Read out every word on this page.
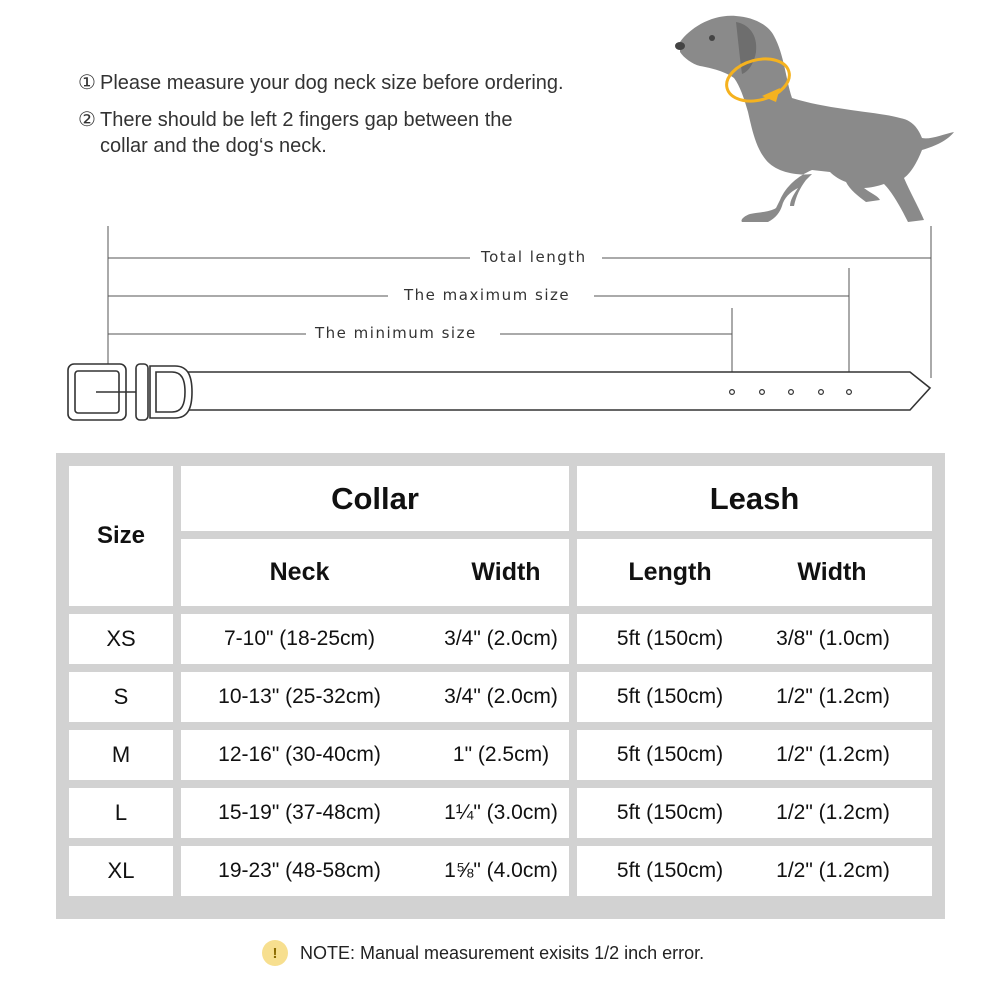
① Please measure your dog neck size before ordering.
② There should be left 2 fingers gap between the
collar and the dog‘s neck.
Total length
The maximum size
The minimum size
Size
Collar	Leash
Neck	Width	Length	Width
XS	7-10" (18-25cm)	3/4" (2.0cm)	5ft (150cm)	3/8" (1.0cm)
S	10-13" (25-32cm)	3/4" (2.0cm)	5ft (150cm)	1/2" (1.2cm)
M	12-16" (30-40cm)	1" (2.5cm)	5ft (150cm)	1/2" (1.2cm)
L	15-19" (37-48cm)	1¼" (3.0cm)	5ft (150cm)	1/2" (1.2cm)
XL	19-23" (48-58cm)	1⅝" (4.0cm)	5ft (150cm)	1/2" (1.2cm)
!	NOTE: Manual measurement exisits 1/2 inch error.
